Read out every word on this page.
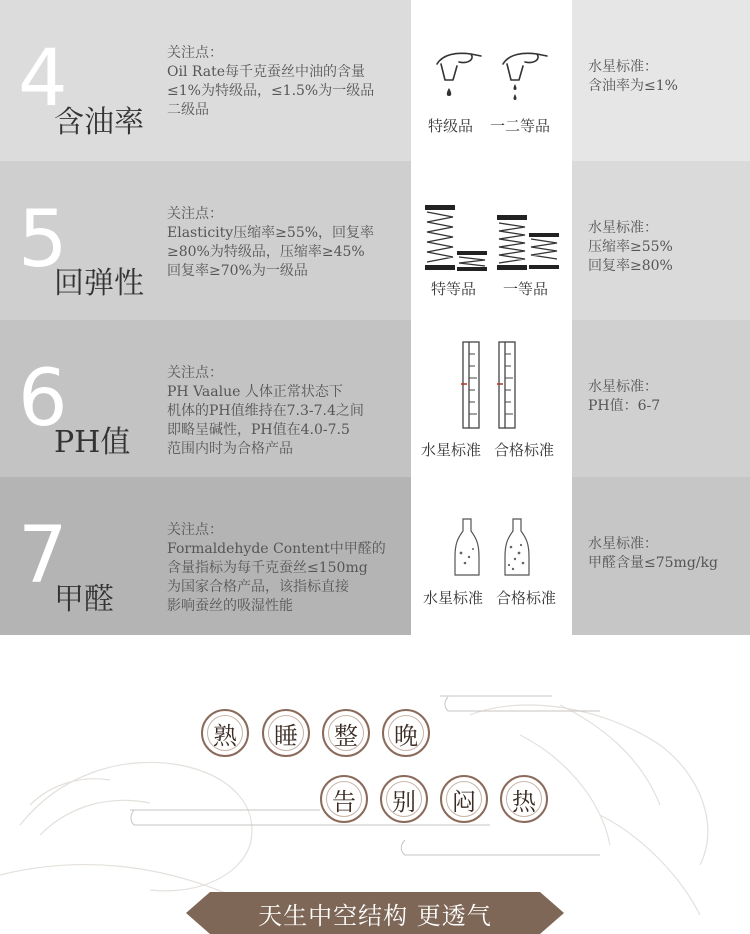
4
含油率
关注点：
Oil Rate每千克蚕丝中油的含量
≤1%为特级品，≤1.5%为一级品
二级品
特级品 一二等品
水星标准：
含油率为≤1%
5
回弹性
关注点：
Elasticity压缩率≥55%，回复率
≥80%为特级品，压缩率≥45%
回复率≥70%为一级品
特等品 一等品
水星标准：
压缩率≥55%
回复率≥80%
6
PH值
关注点：
PH Vaalue 人体正常状态下
机体的PH值维持在7.3-7.4之间
即略呈碱性，PH值在4.0-7.5
范围内时为合格产品	水星标准 合格标准
水星标准：
PH值：6-7
7
甲醛
关注点：
Formaldehyde Content中甲醛的
含量指标为每千克蚕丝≤150mg
为国家合格产品，该指标直接
影响蚕丝的吸湿性能	水星标准 合格标准
水星标准：
甲醛含量≤75mg/kg
熟	睡	整	晚
告	别	闷	热
天生中空结构 更透气
